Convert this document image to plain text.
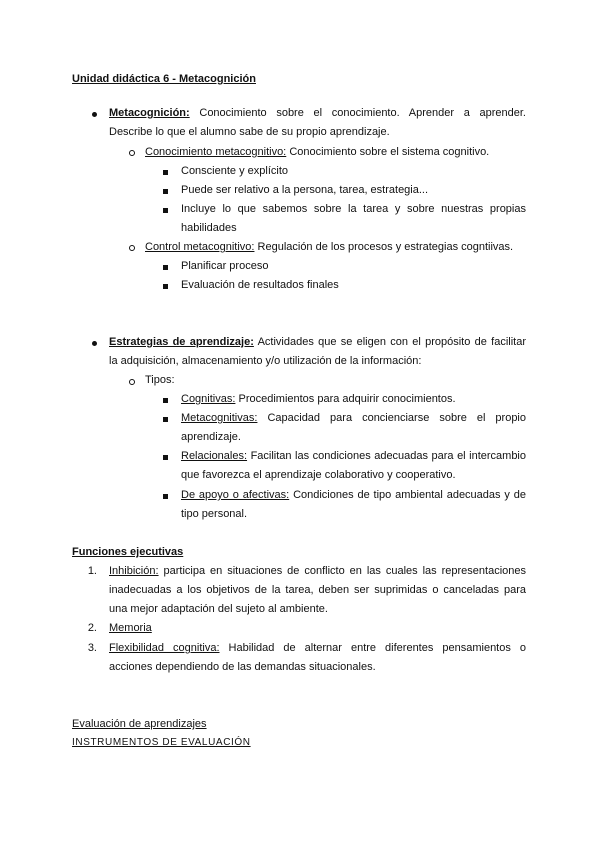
Unidad didáctica 6 - Metacognición
Metacognición: Conocimiento sobre el conocimiento. Aprender a aprender.
Describe lo que el alumno sabe de su propio aprendizaje.
Conocimiento metacognitivo: Conocimiento sobre el sistema cognitivo.
Consciente y explícito
Puede ser relativo a la persona, tarea, estrategia...
Incluye lo que sabemos sobre la tarea y sobre nuestras propias
habilidades
Control metacognitivo: Regulación de los procesos y estrategias cogntiivas.
Planificar proceso
Evaluación de resultados finales
Estrategias de aprendizaje: Actividades que se eligen con el propósito de facilitar
la adquisición, almacenamiento y/o utilización de la información:
Tipos:
Cognitivas: Procedimientos para adquirir conocimientos.
Metacognitivas: Capacidad para concienciarse sobre el propio
aprendizaje.
Relacionales: Facilitan las condiciones adecuadas para el intercambio
que favorezca el aprendizaje colaborativo y cooperativo.
De apoyo o afectivas: Condiciones de tipo ambiental adecuadas y de
tipo personal.
Funciones ejecutivas
1. Inhibición: participa en situaciones de conflicto en las cuales las representaciones
inadecuadas a los objetivos de la tarea, deben ser suprimidas o canceladas para
una mejor adaptación del sujeto al ambiente.
2. Memoria
3. Flexibilidad cognitiva: Habilidad de alternar entre diferentes pensamientos o
acciones dependiendo de las demandas situacionales.
Evaluación de aprendizajes
INSTRUMENTOS DE EVALUACIÓN
